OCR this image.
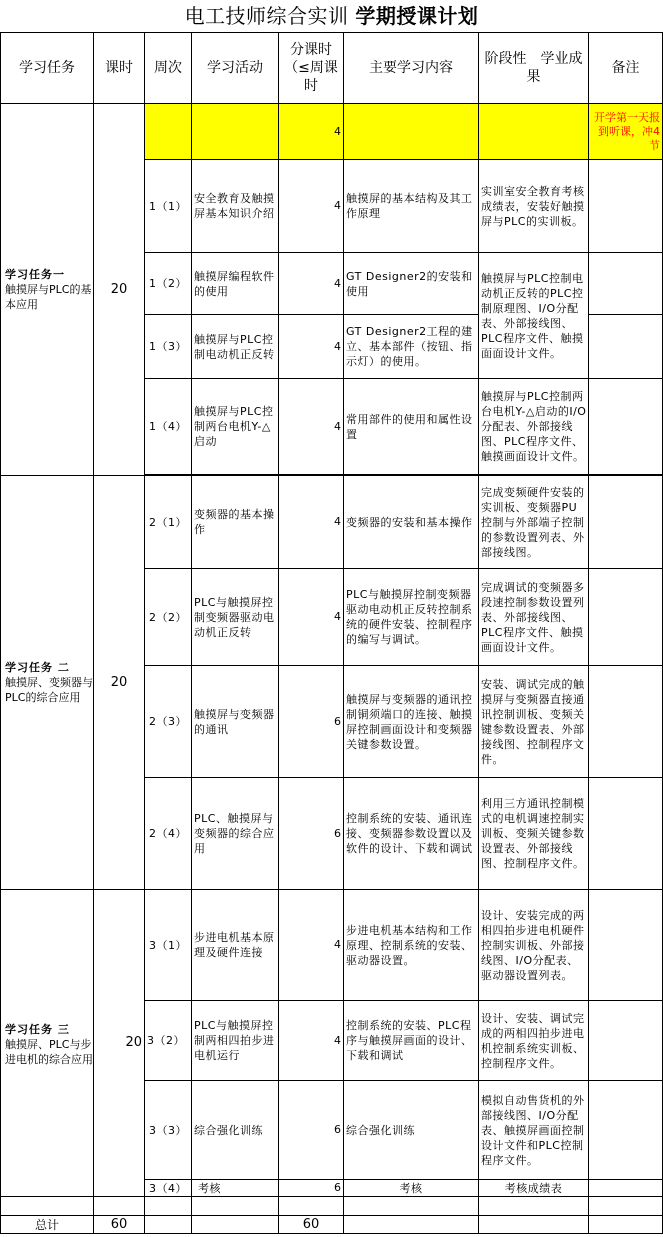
电工技师综合实训 学期授课计划
学习任务	课时	周次	学习活动	分课时（≤周课时	主要学习内容	阶段性　学业成果	备注
学习任务一
触摸屏与PLC的基本应用	20			4			开学第一天报到听课，冲4节
		1（1）	安全教育及触摸屏基本知识介绍	4	触摸屏的基本结构及其工作原理	实训室安全教育考核成绩表，安装好触摸屏与PLC的实训板。	
		1（2）	触摸屏编程软件的使用	4	GT Designer2的安装和使用	触摸屏与PLC控制电动机正反转的PLC控制原理图、I/O分配表、外部接线图、PLC程序文件、触摸面面设计文件。	
		1（3）	触摸屏与PLC控制电动机正反转	4	GT Designer2工程的建立、基本部件（按钮、指示灯）的使用。		
		1（4）	触摸屏与PLC控制两台电机Y-△启动	4	常用部件的使用和属性设置	触摸屏与PLC控制两台电机Y-△启动的I/O分配表、外部接线图、PLC程序文件、触摸画面设计文件。	

学习任务 二
触摸屏、变频器与PLC的综合应用	20	2（1）	变频器的基本操作	4	变频器的安装和基本操作	完成变频硬件安装的实训板、变频器PU控制与外部端子控制的参数设置列表、外部接线图。	
		2（2）	PLC与触摸屏控制变频器驱动电动机正反转	4	PLC与触摸屏控制变频器驱动电动机正反转控制系统的硬件安装、控制程序的编写与调试。	完成调试的变频器多段速控制参数设置列表、外部接线图、PLC程序文件、触摸画面设计文件。	
		2（3）	触摸屏与变频器的通讯	6	触摸屏与变频器的通讯控制铜须端口的连接、触摸屏控制画面设计和变频器关键参数设置。	安装、调试完成的触摸屏与变频器直接通讯控制训板、变频关键参数设置表、外部接线图、控制程序文件。	
		2（4）	PLC、触摸屏与变频器的综合应用	6	控制系统的安装、通讯连接、变频器参数设置以及软件的设计、下载和调试	利用三方通讯控制模式的电机调速控制实训板、变频关键参数设置表、外部接线图、控制程序文件。	
学习任务 三
触摸屏、PLC与步进电机的综合应用	20	3（1）	步进电机基本原理及硬件连接	4	步进电机基本结构和工作原理、控制系统的安装、驱动器设置。	设计、安装完成的两相四拍步进电机硬件控制实训板、外部接线图、I/O分配表、驱动器设置列表。	
		3（2）	PLC与触摸屏控制两相四拍步进电机运行	4	控制系统的安装、PLC程序与触摸屏画面的设计、下载和调试	设计、安装、调试完成的两相四拍步进电机控制系统实训板、控制程序文件。	
		3（3）	综合强化训练	6	综合强化训练	模拟自动售货机的外部接线图、I/O分配表、触摸屏画面控制设计文件和PLC控制程序文件。	
		3（4）	考核	6	考核	考核成绩表	

总计	60			60			
